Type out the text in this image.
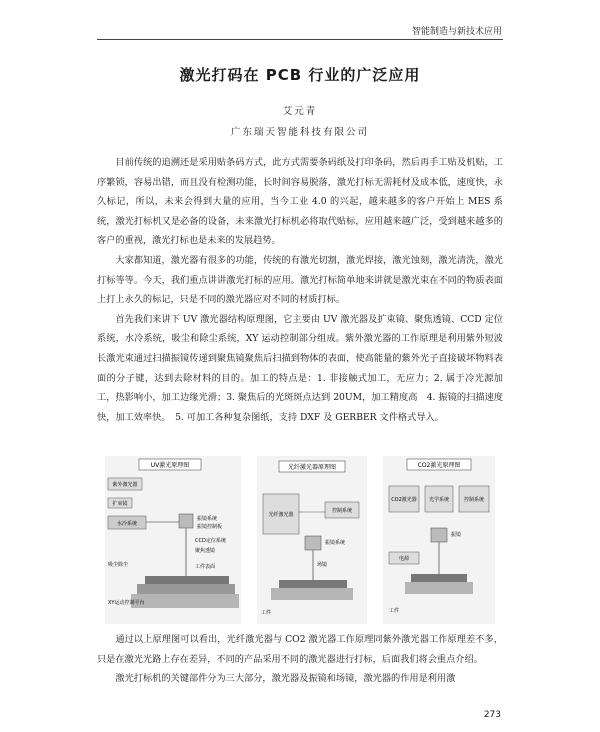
智能制造与新技术应用
激光打码在 PCB 行业的广泛应用
艾元青
广东瑞天智能科技有限公司

目前传统的追溯还是采用贴条码方式，此方式需要条码纸及打印条码，然后再手工贴及机贴，工序繁锁，容易出错，而且没有检测功能，长时间容易脱落，激光打标无需耗材及成本低，速度快，永久标记，所以，未来会得到大量的应用，当今工业 4.0 的兴起，越来越多的客户开始上 MES 系统，激光打标机又是必备的设备，未来激光打标机必将取代贴标，应用越来越广泛，受到越来越多的客户的重视，激光打标也是未来的发展趋势。

大家都知道，激光器有很多的功能，传统的有激光切割，激光焊接，激光蚀刻，激光清洗，激光打标等等。今天，我们重点讲讲激光打标的应用。激光打标简单地来讲就是激光束在不同的物质表面上打上永久的标记，只是不同的激光器应对不同的材质打标。

首先我们来讲下 UV 激光器结构原理图，它主要由 UV 激光器及扩束镜、聚焦透镜、CCD 定位系统，水冷系统，吸尘和除尘系统，XY 运动控制部分组成。紫外激光器的工作原理是利用紫外短波长激光束通过扫描振镜传递到聚焦镜聚焦后扫描到物体的表面，使高能量的紫外光子直接破坏物料表面的分子键，达到去除材料的目的。加工的特点是：1. 非接触式加工，无应力；2. 属于冷光源加工，热影响小，加工边缘光滑；3. 聚焦后的光斑斑点达到 20UM，加工精度高　4. 振镜的扫描速度快，加工效率快。　5. 可加工各种复杂图纸，支持 DXF 及 GERBER 文件格式导入。

UV激光原理图
紫外激光器
扩束镜
水冷系统
振镜系统
振镜控制板
CCD定位系统
聚焦透镜
吸尘除尘	工件表面
XY运动控制平台
光纤激光器原理图
光纤激光器
控制系统
振镜系统
场镜
工件
CO2激光原理图
CO2激光器 光学系统	控制系统
振镜
电源
工件

通过以上原理图可以看出，光纤激光器与 CO2 激光器工作原理同紫外激光器工作原理差不多，只是在激光光路上存在差异，不同的产品采用不同的激光器进行打标，后面我们将会重点介绍。

激光打标机的关键部件分为三大部分，激光器及振镜和场镜，激光器的作用是利用激

273
